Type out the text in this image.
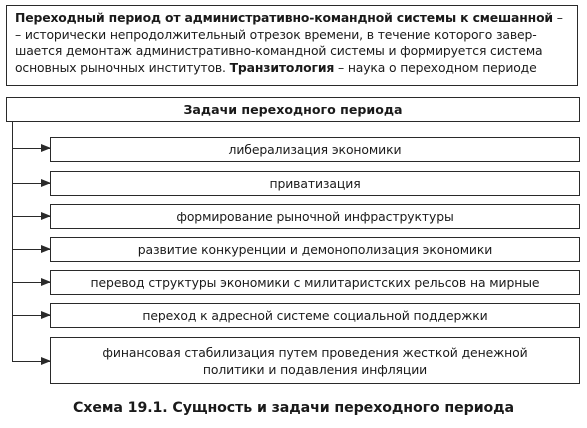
Переходный период от административно-командной системы к смешанной –
– историчеcки непродолжительный отрезок времени, в течение которого завер-
шается демонтаж административно-командной системы и формируется система
основных рыночных институтов. Транзитология – наука о переходном периоде
Задачи переходного периода
либерализация экономики
приватизация
формирование рыночной инфраструктуры
развитие конкуренции и демонополизация экономики
перевод структуры экономики с милитаристских рельсов на мирные
переход к адресной системе социальной поддержки
финансовая стабилизация путем проведения жесткой денежной политики и подавления инфляции
Схема 19.1. Сущность и задачи переходного периода
